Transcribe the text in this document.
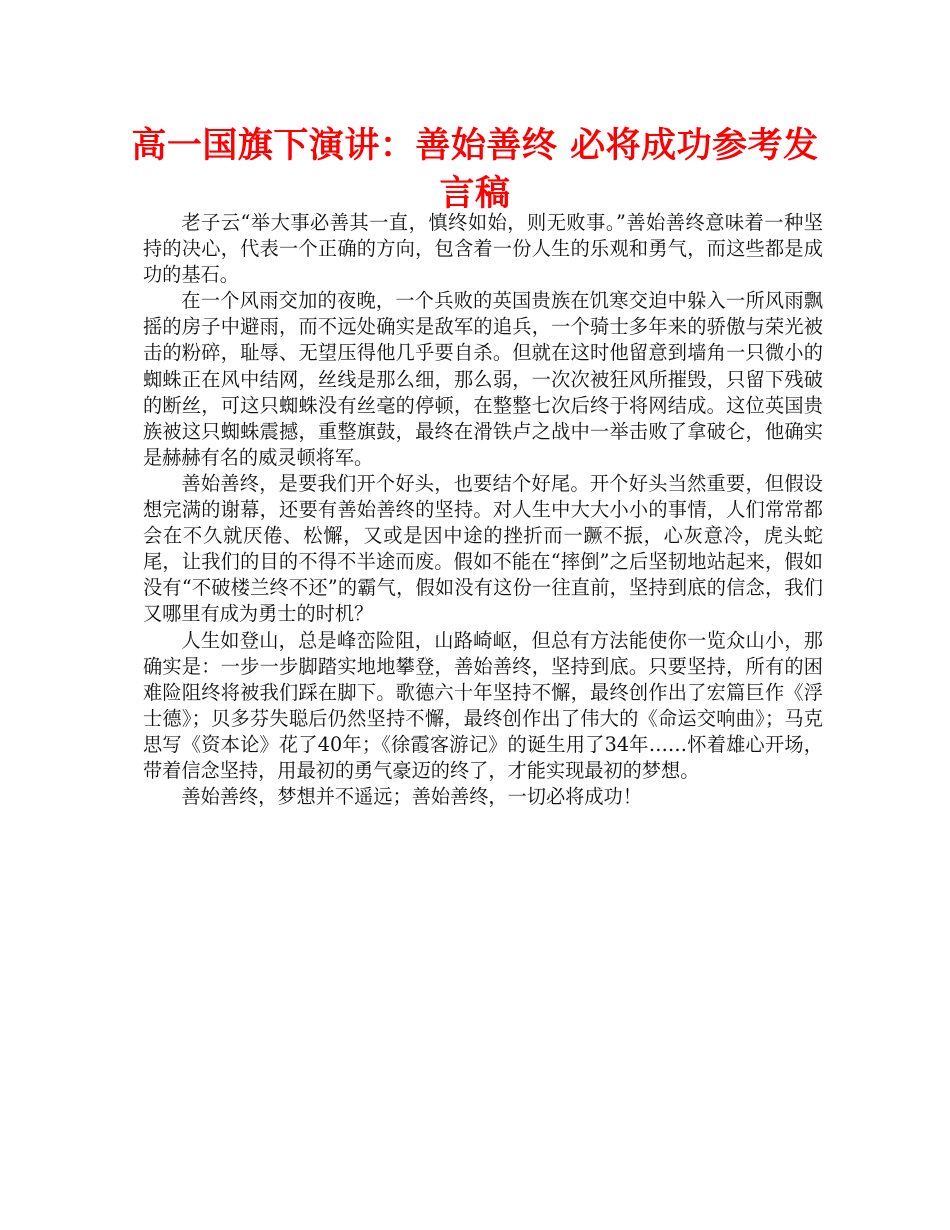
高一国旗下演讲：善始善终 必将成功参考发言稿

老子云“举大事必善其一直，慎终如始，则无败事。”善始善终意味着一种坚持的决心，代表一个正确的方向，包含着一份人生的乐观和勇气，而这些都是成功的基石。

在一个风雨交加的夜晚，一个兵败的英国贵族在饥寒交迫中躲入一所风雨飘摇的房子中避雨，而不远处确实是敌军的追兵，一个骑士多年来的骄傲与荣光被击的粉碎，耻辱、无望压得他几乎要自杀。但就在这时他留意到墙角一只微小的蜘蛛正在风中结网，丝线是那么细，那么弱，一次次被狂风所摧毁，只留下残破的断丝，可这只蜘蛛没有丝毫的停顿，在整整七次后终于将网结成。这位英国贵族被这只蜘蛛震撼，重整旗鼓，最终在滑铁卢之战中一举击败了拿破仑，他确实是赫赫有名的威灵顿将军。

善始善终，是要我们开个好头，也要结个好尾。开个好头当然重要，但假设想完满的谢幕，还要有善始善终的坚持。对人生中大大小小的事情，人们常常都会在不久就厌倦、松懈，又或是因中途的挫折而一蹶不振，心灰意冷，虎头蛇尾，让我们的目的不得不半途而废。假如不能在“摔倒”之后坚韧地站起来，假如没有“不破楼兰终不还”的霸气，假如没有这份一往直前，坚持到底的信念，我们又哪里有成为勇士的时机？

人生如登山，总是峰峦险阻，山路崎岖，但总有方法能使你一览众山小，那确实是：一步一步脚踏实地地攀登，善始善终，坚持到底。只要坚持，所有的困难险阻终将被我们踩在脚下。歌德六十年坚持不懈，最终创作出了宏篇巨作《浮士德》；贝多芬失聪后仍然坚持不懈，最终创作出了伟大的《命运交响曲》；马克思写《资本论》花了40年；《徐霞客游记》的诞生用了34年……怀着雄心开场，带着信念坚持，用最初的勇气豪迈的终了，才能实现最初的梦想。

善始善终，梦想并不遥远；善始善终，一切必将成功！
